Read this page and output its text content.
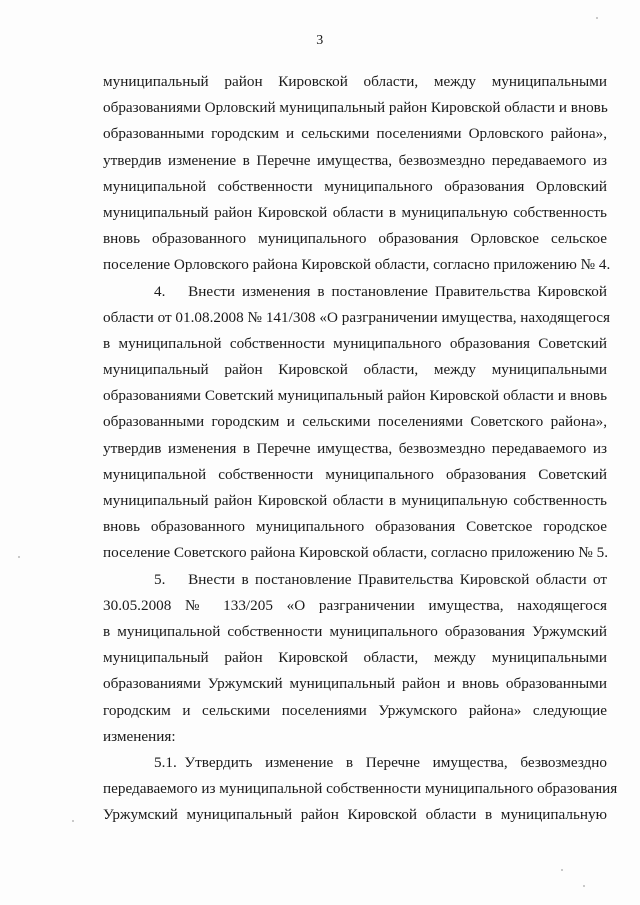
3
муниципальный район Кировской области, между муниципальными
образованиями Орловский муниципальный район Кировской области и вновь
образованными городским и сельскими поселениями Орловского района»,
утвердив изменение в Перечне имущества, безвозмездно передаваемого из
муниципальной собственности муниципального образования Орловский
муниципальный район Кировской области в муниципальную собственность
вновь образованного муниципального образования Орловское сельское
поселение Орловского района Кировской области, согласно приложению № 4.
4.  Внести изменения в постановление Правительства Кировской
области от 01.08.2008 № 141/308 «О разграничении имущества, находящегося
в муниципальной собственности муниципального образования Советский
муниципальный район Кировской области, между муниципальными
образованиями Советский муниципальный район Кировской области и вновь
образованными городским и сельскими поселениями Советского района»,
утвердив изменения в Перечне имущества, безвозмездно передаваемого из
муниципальной собственности муниципального образования Советский
муниципальный район Кировской области в муниципальную собственность
вновь образованного муниципального образования Советское городское
поселение Советского района Кировской области, согласно приложению № 5.
5.  Внести в постановление Правительства Кировской области от
30.05.2008 № 133/205 «О разграничении имущества, находящегося
в муниципальной собственности муниципального образования Уржумский
муниципальный район Кировской области, между муниципальными
образованиями Уржумский муниципальный район и вновь образованными
городским и сельскими поселениями Уржумского района» следующие
изменения:
5.1. Утвердить изменение в Перечне имущества, безвозмездно
передаваемого из муниципальной собственности муниципального образования
Уржумский муниципальный район Кировской области в муниципальную
